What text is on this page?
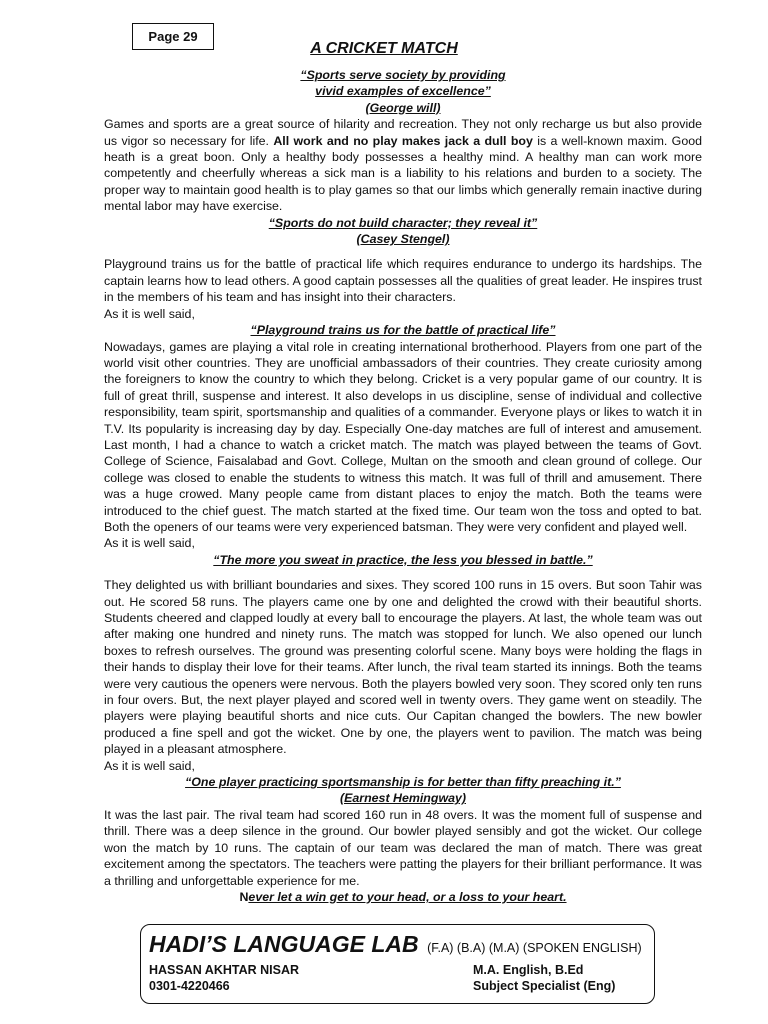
Page 29
A CRICKET MATCH
“Sports serve society by providing
vivid examples of excellence”
(George will)
Games and sports are a great source of hilarity and recreation. They not only recharge us but also provide us vigor so necessary for life. All work and no play makes jack a dull boy is a well-known maxim. Good heath is a great boon. Only a healthy body possesses a healthy mind. A healthy man can work more competently and cheerfully whereas a sick man is a liability to his relations and burden to a society. The proper way to maintain good health is to play games so that our limbs which generally remain inactive during mental labor may have exercise.
“Sports do not build character; they reveal it”
(Casey Stengel)
Playground trains us for the battle of practical life which requires endurance to undergo its hardships. The captain learns how to lead others. A good captain possesses all the qualities of great leader. He inspires trust in the members of his team and has insight into their characters.
As it is well said,
“Playground trains us for the battle of practical life”
Nowadays, games are playing a vital role in creating international brotherhood. Players from one part of the world visit other countries. They are unofficial ambassadors of their countries. They create curiosity among the foreigners to know the country to which they belong. Cricket is a very popular game of our country. It is full of great thrill, suspense and interest. It also develops in us discipline, sense of individual and collective responsibility, team spirit, sportsmanship and qualities of a commander. Everyone plays or likes to watch it in T.V. Its popularity is increasing day by day. Especially One-day matches are full of interest and amusement. Last month, I had a chance to watch a cricket match. The match was played between the teams of Govt. College of Science, Faisalabad and Govt. College, Multan on the smooth and clean ground of college. Our college was closed to enable the students to witness this match. It was full of thrill and amusement. There was a huge crowed. Many people came from distant places to enjoy the match. Both the teams were introduced to the chief guest. The match started at the fixed time. Our team won the toss and opted to bat. Both the openers of our teams were very experienced batsman. They were very confident and played well.
As it is well said,
“The more you sweat in practice, the less you blessed in battle.”
They delighted us with brilliant boundaries and sixes. They scored 100 runs in 15 overs. But soon Tahir was out. He scored 58 runs. The players came one by one and delighted the crowd with their beautiful shorts. Students cheered and clapped loudly at every ball to encourage the players. At last, the whole team was out after making one hundred and ninety runs. The match was stopped for lunch. We also opened our lunch boxes to refresh ourselves. The ground was presenting colorful scene. Many boys were holding the flags in their hands to display their love for their teams. After lunch, the rival team started its innings. Both the teams were very cautious the openers were nervous. Both the players bowled very soon. They scored only ten runs in four overs. But, the next player played and scored well in twenty overs. They game went on steadily. The players were playing beautiful shorts and nice cuts. Our Capitan changed the bowlers. The new bowler produced a fine spell and got the wicket. One by one, the players went to pavilion. The match was being played in a pleasant atmosphere.
As it is well said,
“One player practicing sportsmanship is for better than fifty preaching it.”
(Earnest Hemingway)
It was the last pair. The rival team had scored 160 run in 48 overs. It was the moment full of suspense and thrill. There was a deep silence in the ground. Our bowler played sensibly and got the wicket. Our college won the match by 10 runs. The captain of our team was declared the man of match. There was great excitement among the spectators. The teachers were patting the players for their brilliant performance. It was a thrilling and unforgettable experience for me.
Never let a win get to your head, or a loss to your heart.
HADI’S LANGUAGE LAB (F.A) (B.A) (M.A) (SPOKEN ENGLISH)
HASSAN AKHTAR NISAR	M.A. English, B.Ed
0301-4220466	Subject Specialist (Eng)
